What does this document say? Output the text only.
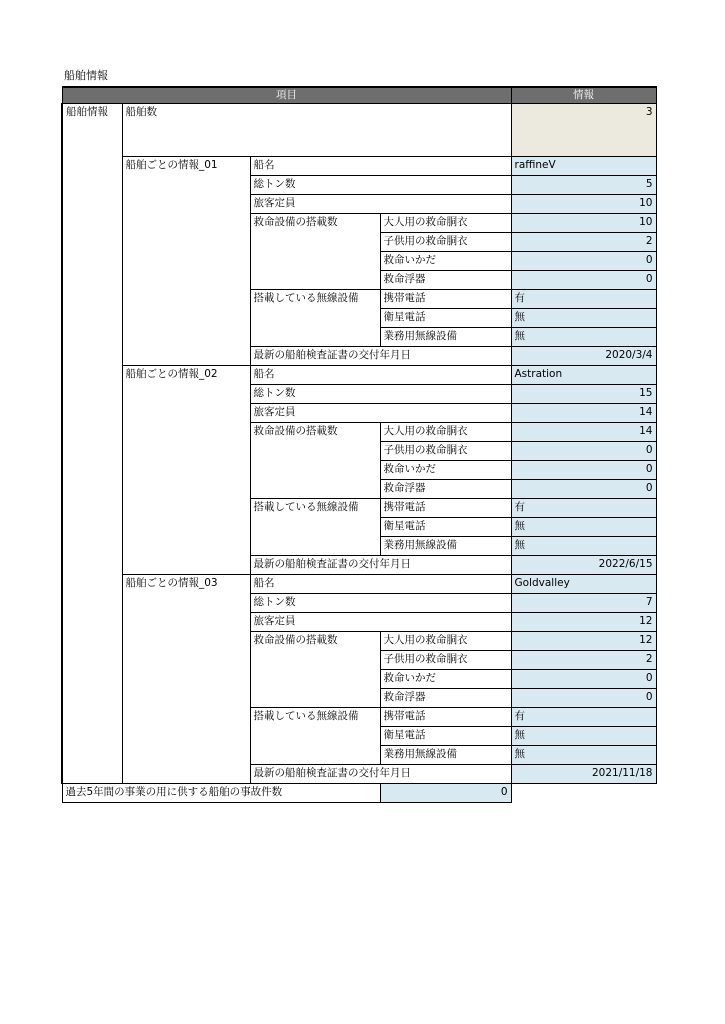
船舶情報
項目				情報
船舶情報	船舶数			3
	船舶ごとの情報_01	船名		raffineV
		総トン数		5
		旅客定員		10
		救命設備の搭載数	大人用の救命胴衣	10
			子供用の救命胴衣	2
			救命いかだ	0
			救命浮器	0
		搭載している無線設備	携帯電話	有
			衛星電話	無
			業務用無線設備	無
		最新の船舶検査証書の交付年月日		2020/3/4
	船舶ごとの情報_02	船名		Astration
		総トン数		15
		旅客定員		14
		救命設備の搭載数	大人用の救命胴衣	14
			子供用の救命胴衣	0
			救命いかだ	0
			救命浮器	0
		搭載している無線設備	携帯電話	有
			衛星電話	無
			業務用無線設備	無
		最新の船舶検査証書の交付年月日		2022/6/15
	船舶ごとの情報_03	船名		Goldvalley
		総トン数		7
		旅客定員		12
		救命設備の搭載数	大人用の救命胴衣	12
			子供用の救命胴衣	2
			救命いかだ	0
			救命浮器	0
		搭載している無線設備	携帯電話	有
			衛星電話	無
			業務用無線設備	無
		最新の船舶検査証書の交付年月日		2021/11/18
過去5年間の事業の用に供する船舶の事故件数			0	
